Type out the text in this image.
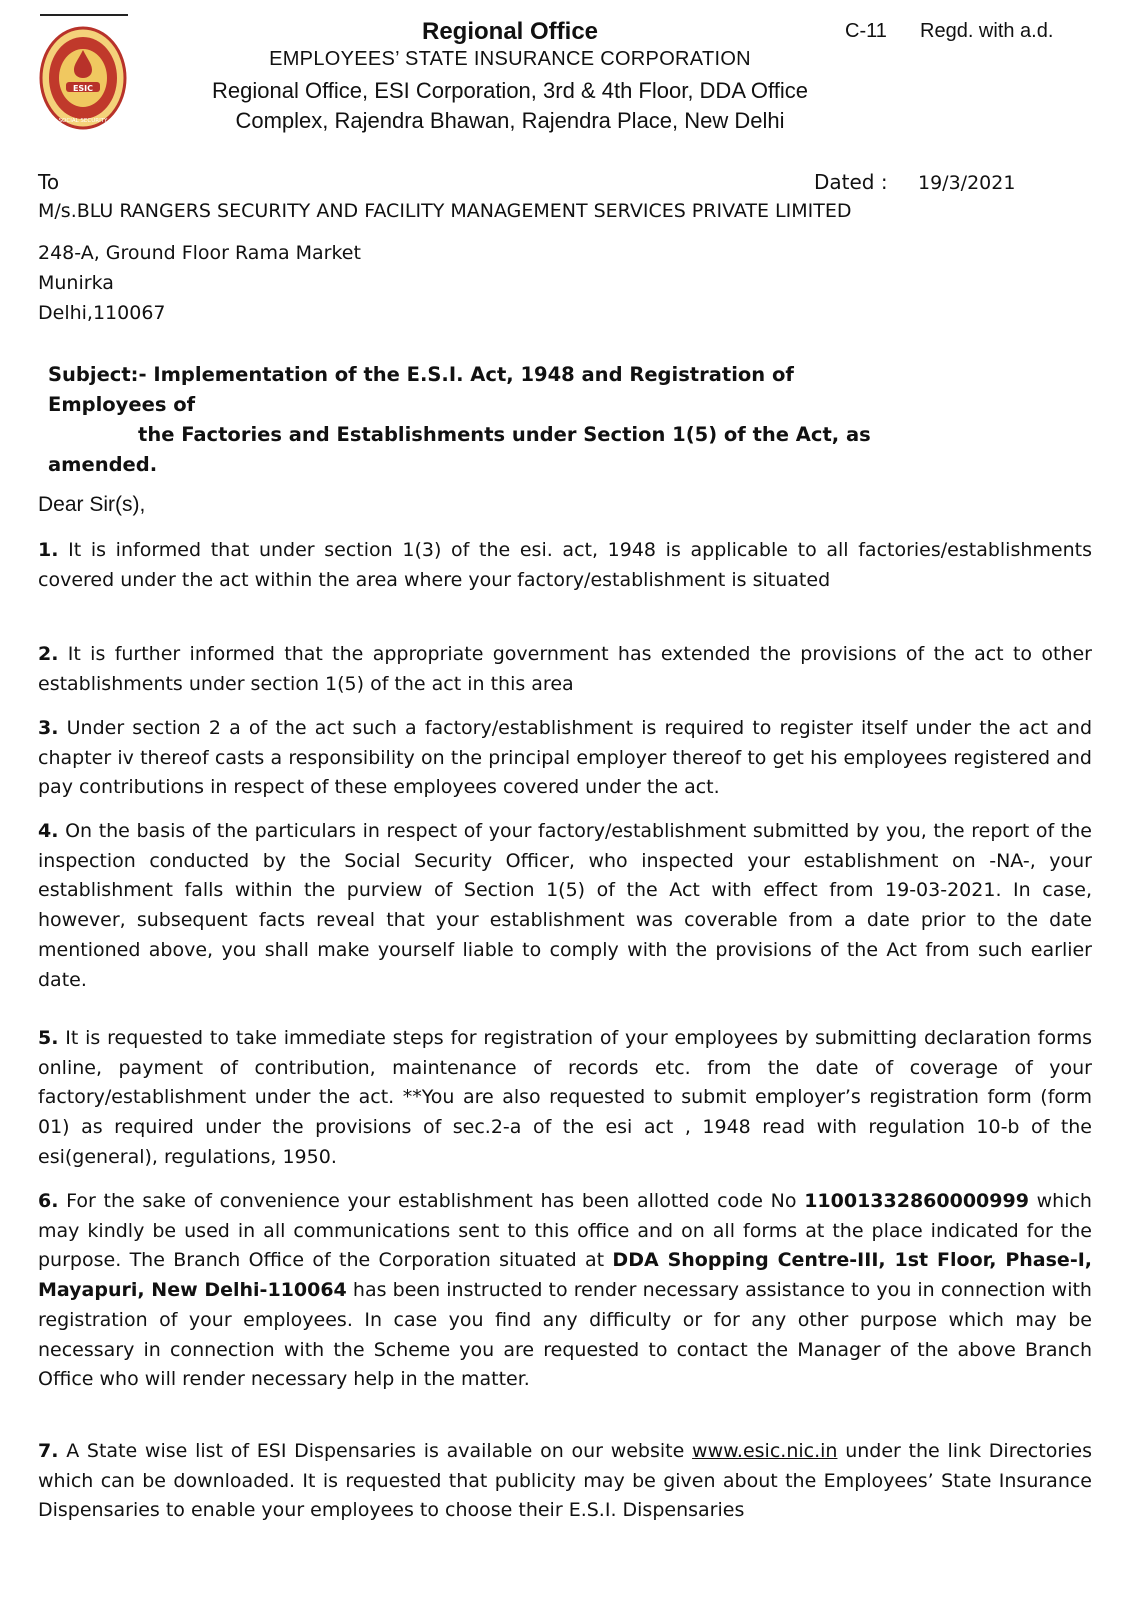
ESIC
SOCIAL SECURITY
Regional Office
EMPLOYEES’ STATE INSURANCE CORPORATION
Regional Office, ESI Corporation, 3rd & 4th Floor, DDA Office
Complex, Rajendra Bhawan, Rajendra Place, New Delhi
C-11 Regd. with a.d.
To	Dated : 19/3/2021
M/s.BLU RANGERS SECURITY AND FACILITY MANAGEMENT SERVICES PRIVATE LIMITED
248-A, Ground Floor Rama Market
Munirka
Delhi,110067
Subject:- Implementation of the E.S.I. Act, 1948 and Registration of Employees of
the Factories and Establishments under Section 1(5) of the Act, as
amended.
Dear Sir(s),
1. It is informed that under section 1(3) of the esi. act, 1948 is applicable to all factories/establishments covered under the act within the area where your factory/establishment is situated
2. It is further informed that the appropriate government has extended the provisions of the act to other establishments under section 1(5) of the act in this area
3. Under section 2 a of the act such a factory/establishment is required to register itself under the act and chapter iv thereof casts a responsibility on the principal employer thereof to get his employees registered and pay contributions in respect of these employees covered under the act.
4. On the basis of the particulars in respect of your factory/establishment submitted by you, the report of the inspection conducted by the Social Security Officer, who inspected your establishment on -NA-, your establishment falls within the purview of Section 1(5) of the Act with effect from 19-03-2021. In case, however, subsequent facts reveal that your establishment was coverable from a date prior to the date mentioned above, you shall make yourself liable to comply with the provisions of the Act from such earlier date.
5. It is requested to take immediate steps for registration of your employees by submitting declaration forms online, payment of contribution, maintenance of records etc. from the date of coverage of your factory/establishment under the act. **You are also requested to submit employer’s registration form (form 01) as required under the provisions of sec.2-a of the esi act , 1948 read with regulation 10-b of the esi(general), regulations, 1950.
6. For the sake of convenience your establishment has been allotted code No 11001332860000999 which may kindly be used in all communications sent to this office and on all forms at the place indicated for the purpose. The Branch Office of the Corporation situated at DDA Shopping Centre-III, 1st Floor, Phase-I, Mayapuri, New Delhi-110064 has been instructed to render necessary assistance to you in connection with registration of your employees. In case you find any difficulty or for any other purpose which may be necessary in connection with the Scheme you are requested to contact the Manager of the above Branch Office who will render necessary help in the matter.
7. A State wise list of ESI Dispensaries is available on our website www.esic.nic.in under the link Directories which can be downloaded. It is requested that publicity may be given about the Employees’ State Insurance Dispensaries to enable your employees to choose their E.S.I. Dispensaries
